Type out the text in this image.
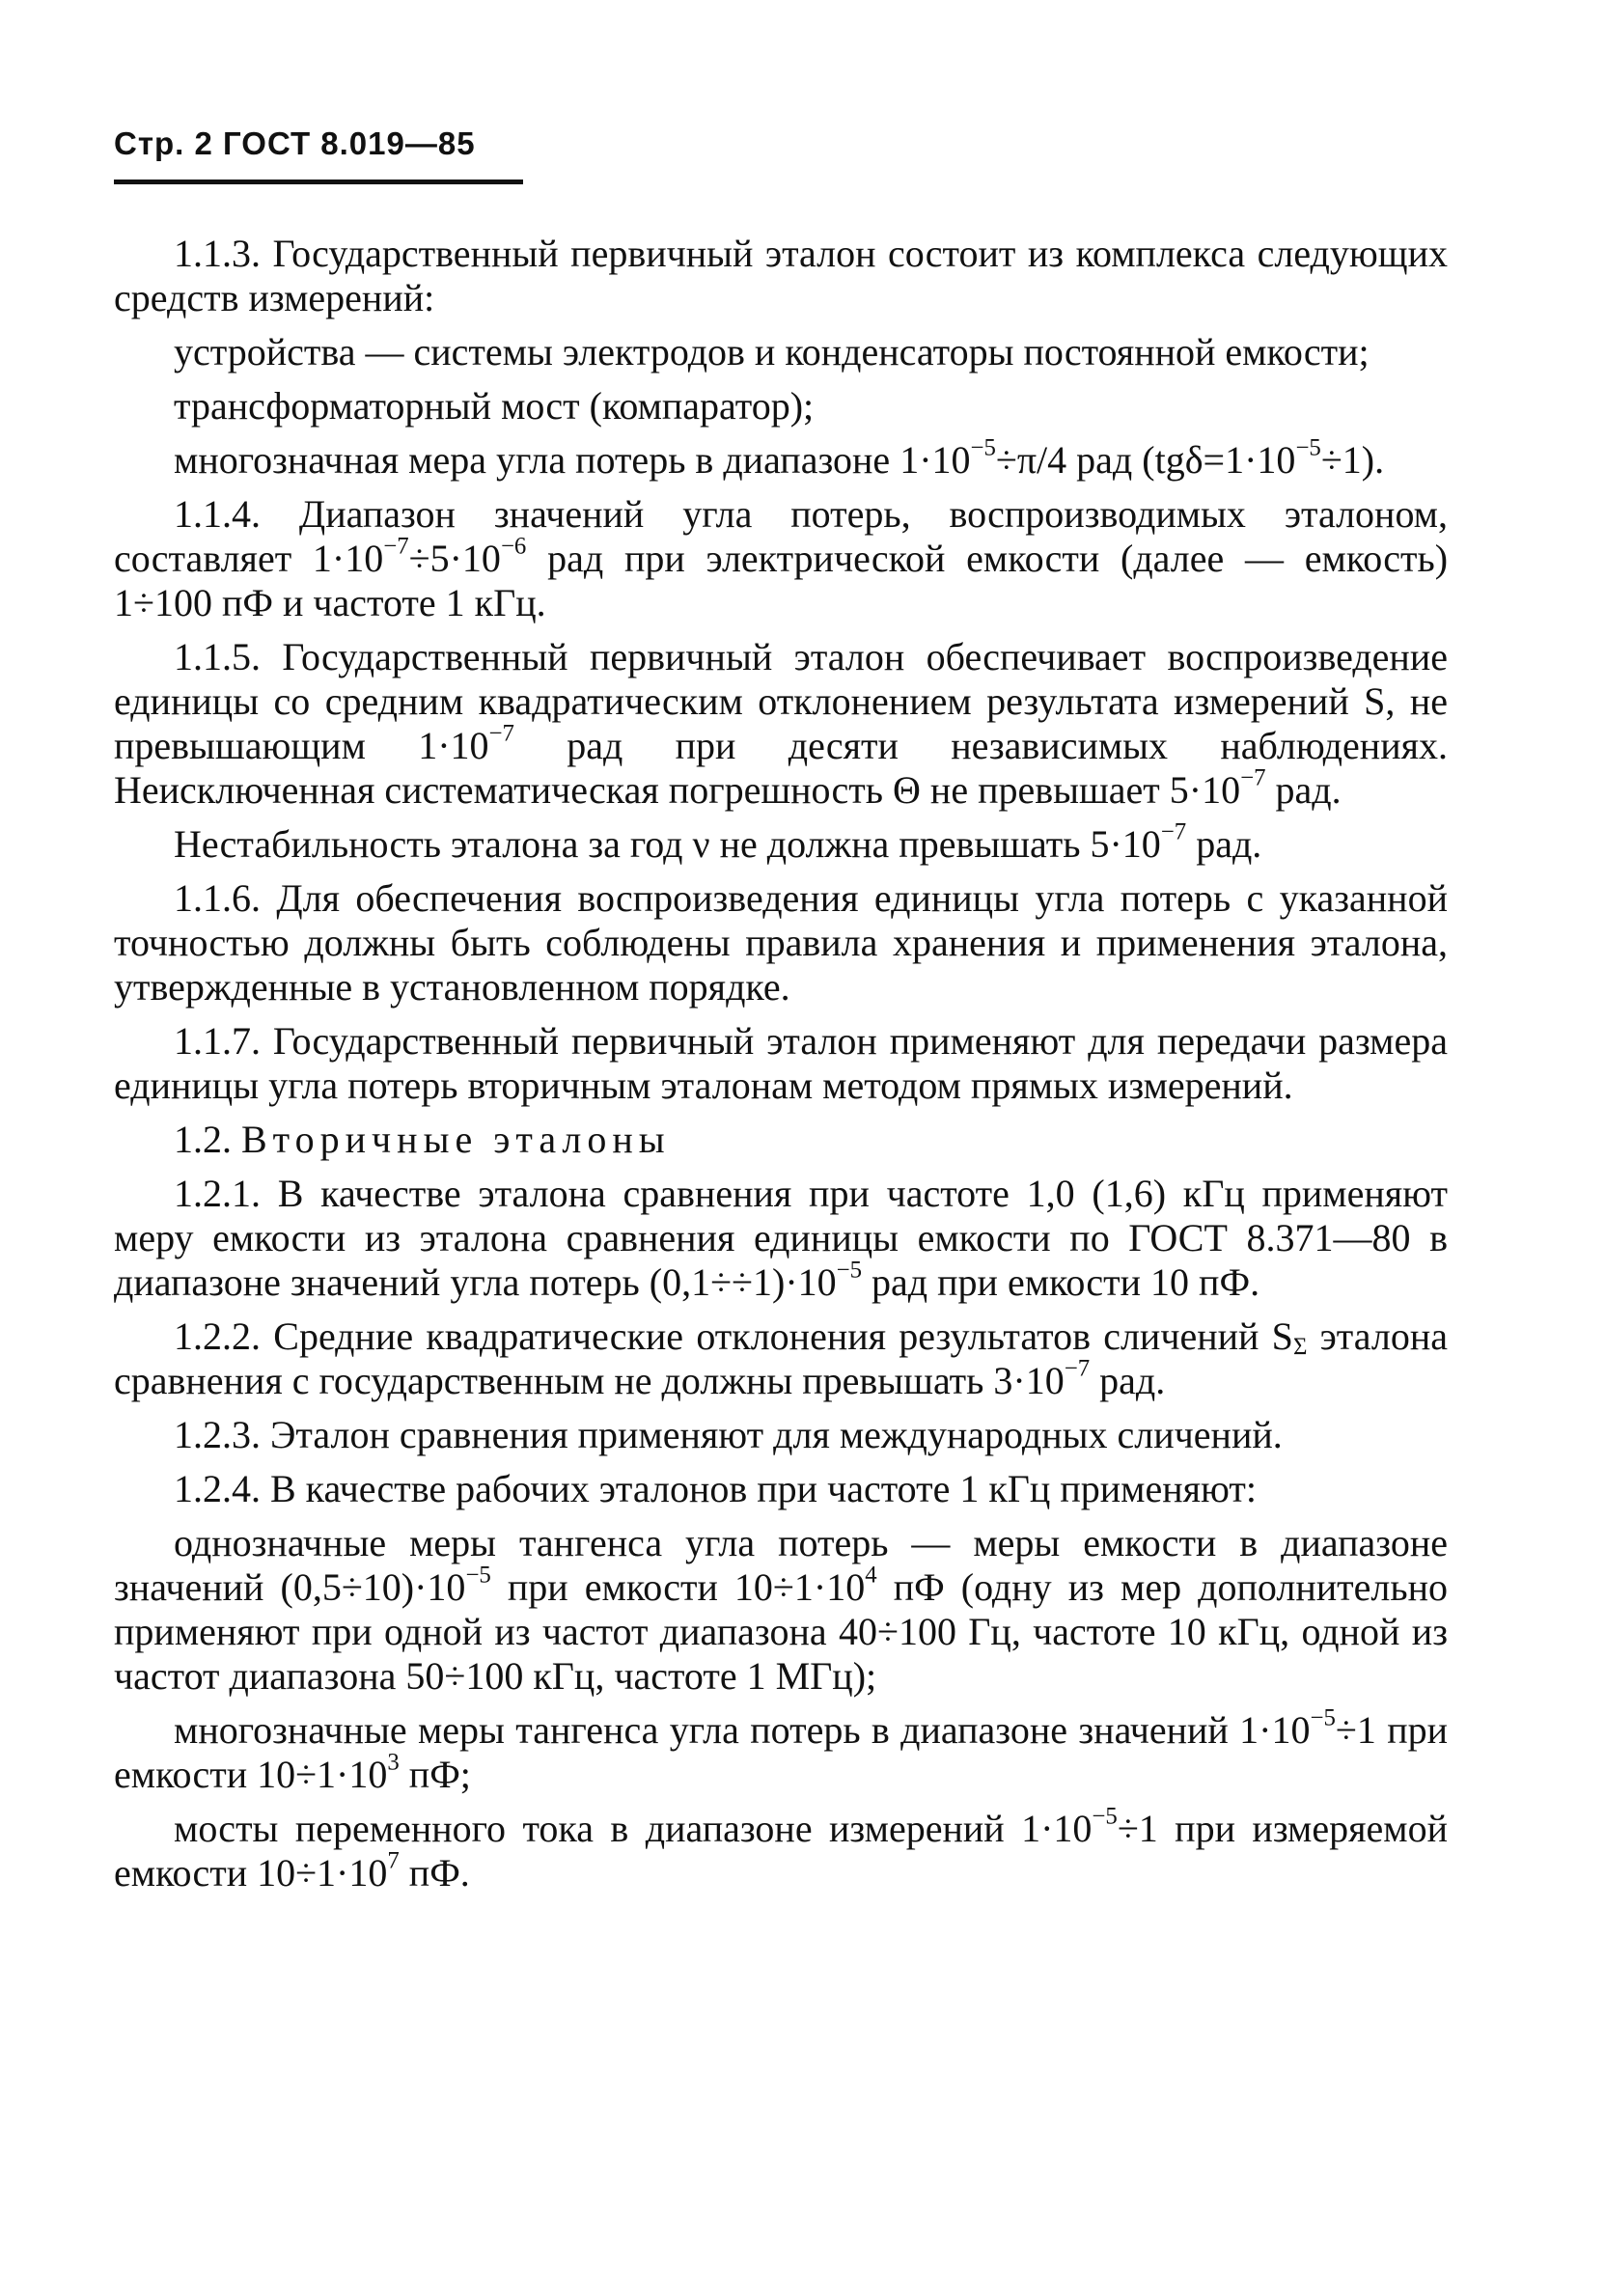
Стр. 2 ГОСТ 8.019—85

1.1.3. Государственный первичный эталон состоит из комплекса следующих средств измерений:

устройства — системы электродов и конденсаторы постоянной емкости;

трансформаторный мост (компаратор);

многозначная мера угла потерь в диапазоне $1\cdot 10^{-5}\div\pi/4$ рад $(tg\delta=1\cdot 10^{-5}\div 1)$.

1.1.4. Диапазон значений угла потерь, воспроизводимых эталоном, составляет $1\cdot 10^{-7}\div 5\cdot 10^{-6}$ рад при электрической емкости (далее — емкость) 1÷100 пФ и частоте 1 кГц.

1.1.5. Государственный первичный эталон обеспечивает воспроизведение единицы со средним квадратическим отклонением результата измерений S, не превышающим $1\cdot 10^{-7}$ рад при десяти независимых наблюдениях. Неисключенная систематическая погрешность Θ не превышает $5\cdot 10^{-7}$ рад.

Нестабильность эталона за год ν не должна превышать $5\cdot 10^{-7}$ рад.

1.1.6. Для обеспечения воспроизведения единицы угла потерь с указанной точностью должны быть соблюдены правила хранения и применения эталона, утвержденные в установленном порядке.

1.1.7. Государственный первичный эталон применяют для передачи размера единицы угла потерь вторичным эталонам методом прямых измерений.

1.2. Вторичные эталоны

1.2.1. В качестве эталона сравнения при частоте 1,0 (1,6) кГц применяют меру емкости из эталона сравнения единицы емкости по ГОСТ 8.371—80 в диапазоне значений угла потерь $(0,1\div\div 1)\cdot 10^{-5}$ рад при емкости 10 пФ.

1.2.2. Средние квадратические отклонения результатов сличений $S_\Sigma$ эталона сравнения с государственным не должны превышать $3\cdot 10^{-7}$ рад.

1.2.3. Эталон сравнения применяют для международных сличений.

1.2.4. В качестве рабочих эталонов при частоте 1 кГц применяют:

однозначные меры тангенса угла потерь — меры емкости в диапазоне значений $(0,5\div 10)\cdot 10^{-5}$ при емкости $10\div 1\cdot 10^4$ пФ (одну из мер дополнительно применяют при одной из частот диапазона 40÷100 Гц, частоте 10 кГц, одной из частот диапазона 50÷100 кГц, частоте 1 МГц);

многозначные меры тангенса угла потерь в диапазоне значений $1\cdot 10^{-5}\div 1$ при емкости $10\div 1\cdot 10^3$ пФ;

мосты переменного тока в диапазоне измерений $1\cdot 10^{-5}\div 1$ при измеряемой емкости $10\div 1\cdot 10^7$ пФ.
